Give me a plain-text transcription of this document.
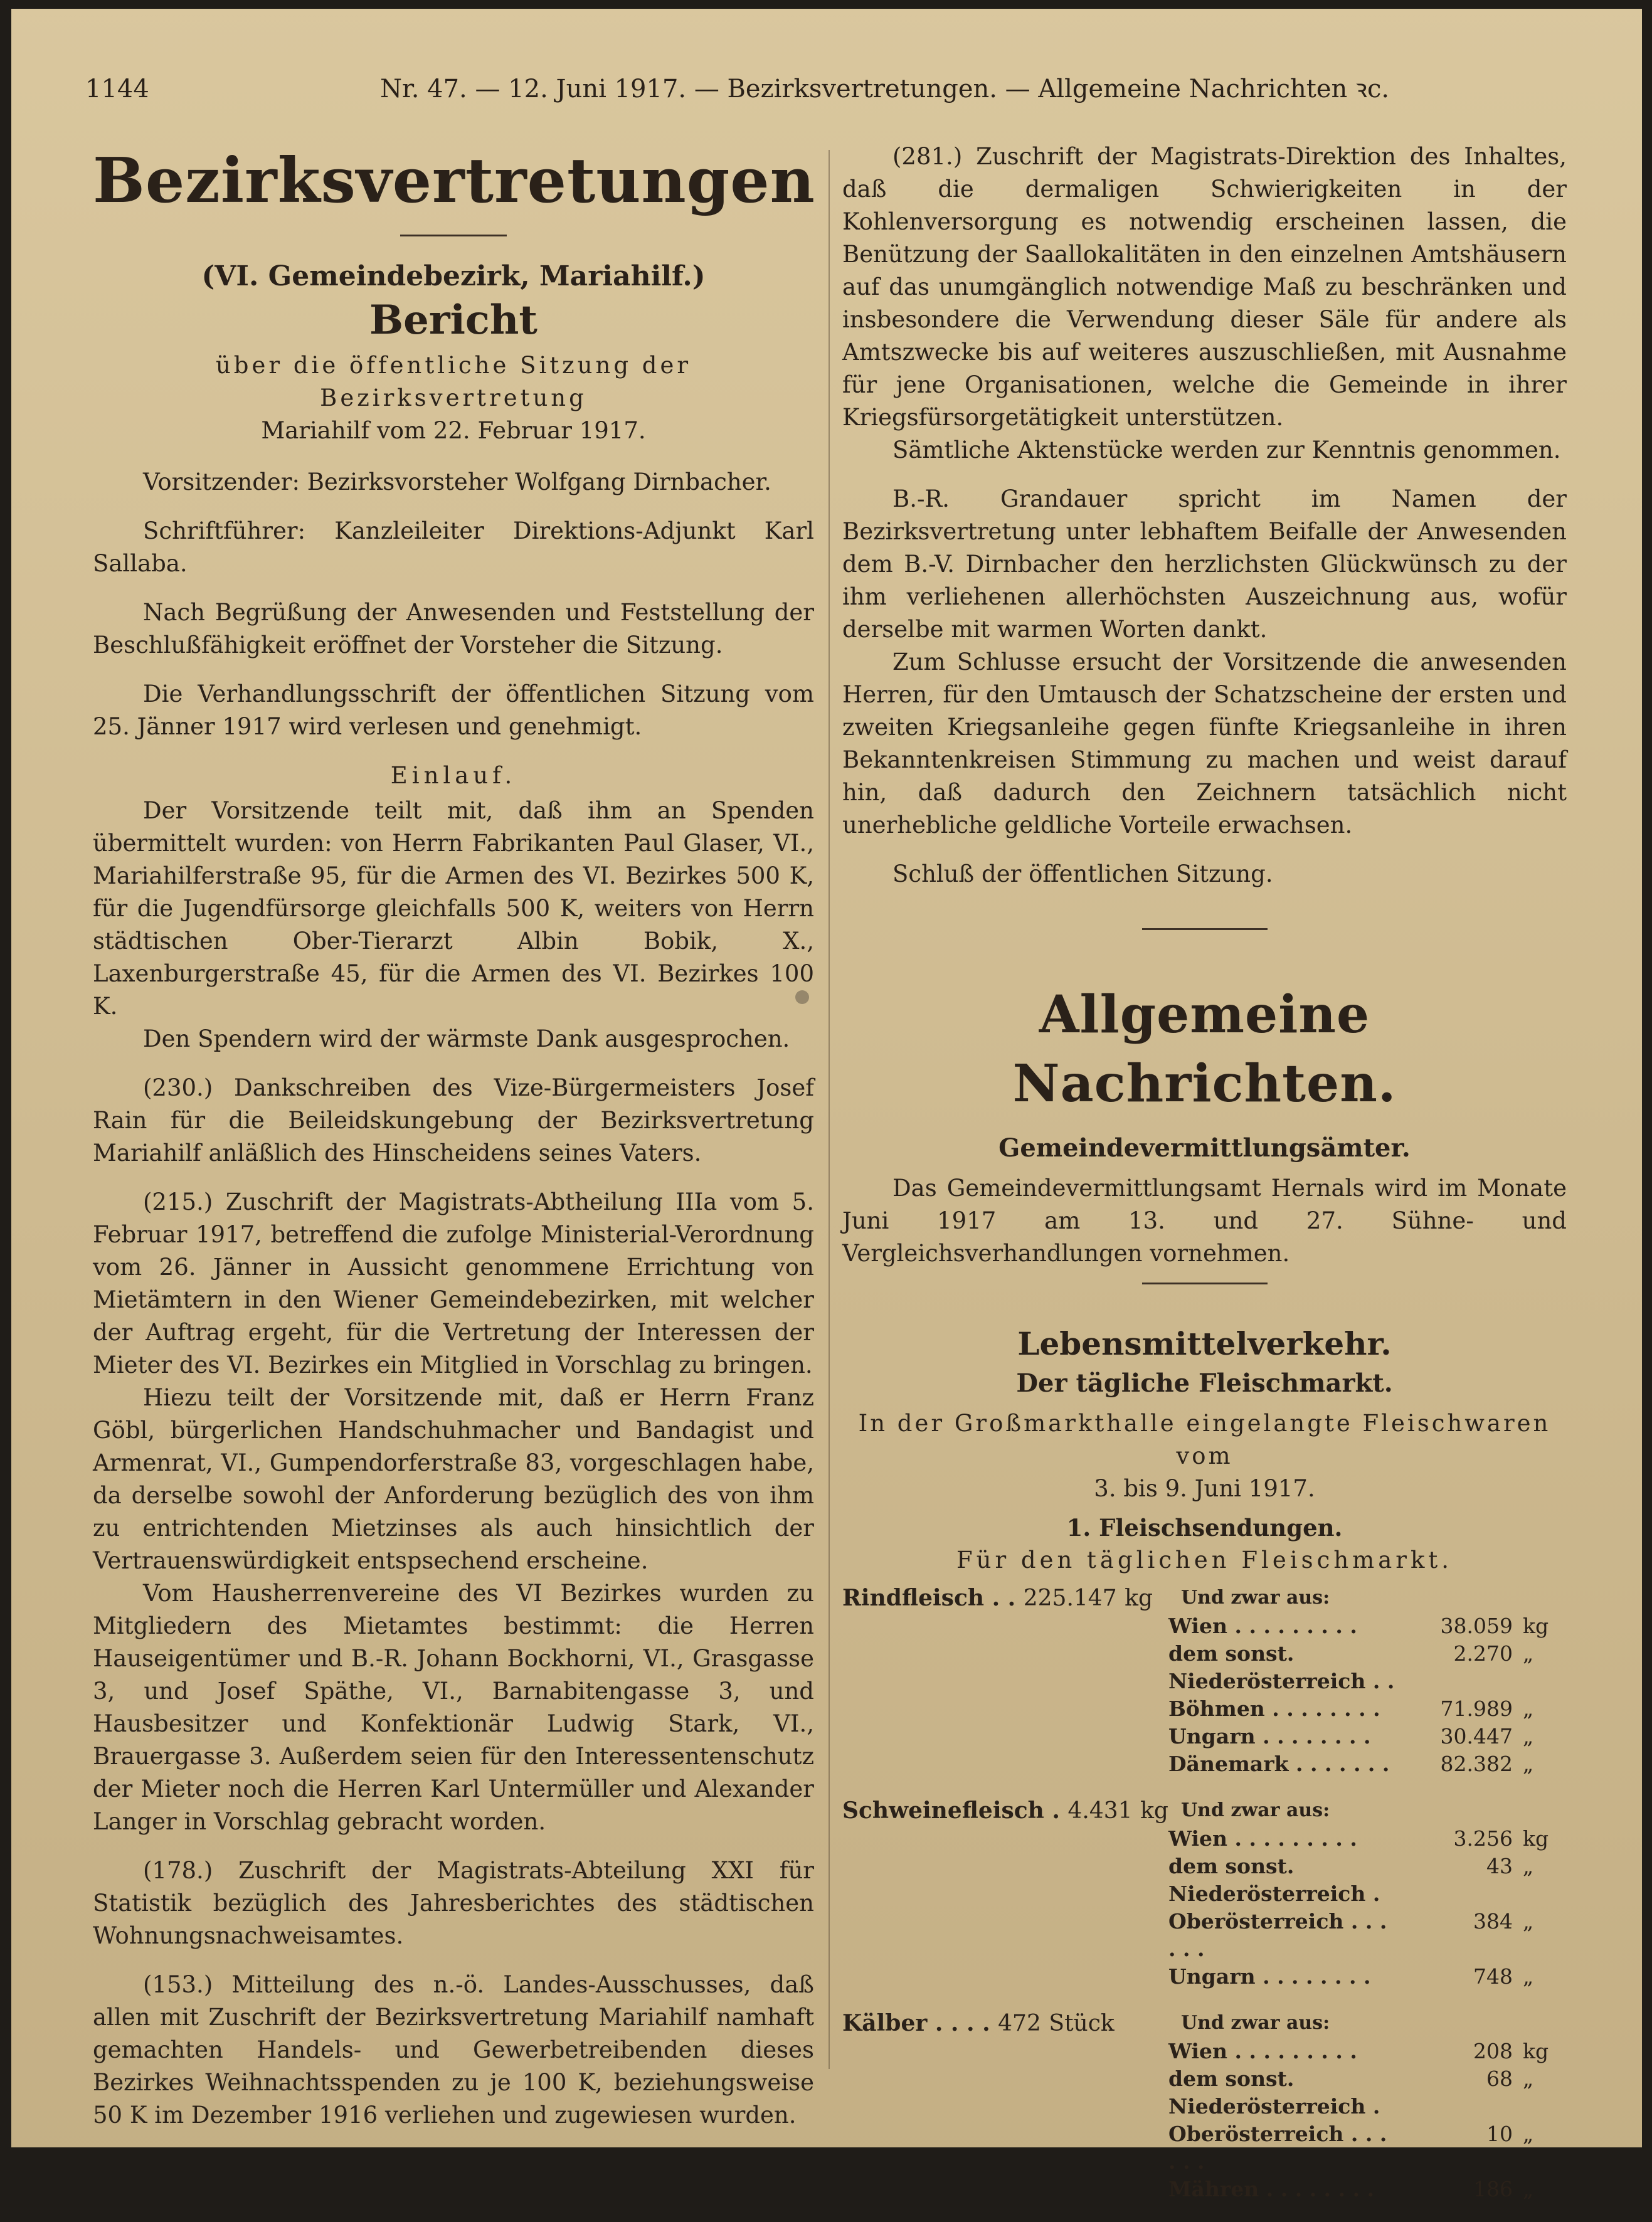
1144	Nr. 47. — 12. Juni 1917. — Bezirksvertretungen. — Allgemeine Nachrichten ꝛc.
Bezirksvertretungen

(VI. Gemeindebezirk, Mariahilf.)

Bericht

über die öffentliche Sitzung der Bezirksvertretung

Mariahilf vom 22. Februar 1917.

Vorsitzender: Bezirksvorsteher Wolfgang Dirnbacher.

Schriftführer: Kanzleileiter Direktions-Adjunkt Karl Sallaba.

Nach Begrüßung der Anwesenden und Feststellung der Beschlußfähigkeit eröffnet der Vorsteher die Sitzung.

Die Verhandlungsschrift der öffentlichen Sitzung vom 25. Jänner 1917 wird verlesen und genehmigt.

Einlauf.

Der Vorsitzende teilt mit, daß ihm an Spenden übermittelt wurden: von Herrn Fabrikanten Paul Glaser, VI., Mariahilferstraße 95, für die Armen des VI. Bezirkes 500 K, für die Jugendfürsorge gleichfalls 500 K, weiters von Herrn städtischen Ober-Tierarzt Albin Bobik, X., Laxenburgerstraße 45, für die Armen des VI. Bezirkes 100 K.

Den Spendern wird der wärmste Dank ausgesprochen.

(230.) Dankschreiben des Vize-Bürgermeisters Josef Rain für die Beileidskungebung der Bezirksvertretung Mariahilf anläßlich des Hinscheidens seines Vaters.

(215.) Zuschrift der Magistrats-Abtheilung IIIa vom 5. Februar 1917, betreffend die zufolge Ministerial-Verordnung vom 26. Jänner in Aussicht genommene Errichtung von Mietämtern in den Wiener Gemeindebezirken, mit welcher der Auftrag ergeht, für die Vertretung der Interessen der Mieter des VI. Bezirkes ein Mitglied in Vorschlag zu bringen.

Hiezu teilt der Vorsitzende mit, daß er Herrn Franz Göbl, bürgerlichen Handschuhmacher und Bandagist und Armenrat, VI., Gumpendorferstraße 83, vorgeschlagen habe, da derselbe sowohl der Anforderung bezüglich des von ihm zu entrichtenden Mietzinses als auch hinsichtlich der Vertrauenswürdigkeit entspsechend erscheine.

Vom Hausherrenvereine des VI Bezirkes wurden zu Mitgliedern des Mietamtes bestimmt: die Herren Hauseigentümer und B.-R. Johann Bockhorni, VI., Grasgasse 3, und Josef Späthe, VI., Barnabitengasse 3, und Hausbesitzer und Konfektionär Ludwig Stark, VI., Brauergasse 3. Außerdem seien für den Interessentenschutz der Mieter noch die Herren Karl Untermüller und Alexander Langer in Vorschlag gebracht worden.

(178.) Zuschrift der Magistrats-Abteilung XXI für Statistik bezüglich des Jahresberichtes des städtischen Wohnungsnachweisamtes.

(153.) Mitteilung des n.-ö. Landes-Ausschusses, daß allen mit Zuschrift der Bezirksvertretung Mariahilf namhaft gemachten Handels- und Gewerbetreibenden dieses Bezirkes Weihnachtsspenden zu je 100 K, beziehungsweise 50 K im Dezember 1916 verliehen und zugewiesen wurden.

(281.) Zuschrift der Magistrats-Direktion des Inhaltes, daß die dermaligen Schwierigkeiten in der Kohlenversorgung es notwendig erscheinen lassen, die Benützung der Saallokalitäten in den einzelnen Amtshäusern auf das unumgänglich notwendige Maß zu beschränken und insbesondere die Verwendung dieser Säle für andere als Amtszwecke bis auf weiteres auszuschließen, mit Ausnahme für jene Organisationen, welche die Gemeinde in ihrer Kriegsfürsorgetätigkeit unterstützen.

Sämtliche Aktenstücke werden zur Kenntnis genommen.

B.-R. Grandauer spricht im Namen der Bezirksvertretung unter lebhaftem Beifalle der Anwesenden dem B.-V. Dirnbacher den herzlichsten Glückwünsch zu der ihm verliehenen allerhöchsten Auszeichnung aus, wofür derselbe mit warmen Worten dankt.

Zum Schlusse ersucht der Vorsitzende die anwesenden Herren, für den Umtausch der Schatzscheine der ersten und zweiten Kriegsanleihe gegen fünfte Kriegsanleihe in ihren Bekanntenkreisen Stimmung zu machen und weist darauf hin, daß dadurch den Zeichnern tatsächlich nicht unerhebliche geldliche Vorteile erwachsen.

Schluß der öffentlichen Sitzung.

Allgemeine Nachrichten.

Gemeindevermittlungsämter.

Das Gemeindevermittlungsamt Hernals wird im Monate Juni 1917 am 13. und 27. Sühne- und Vergleichsverhandlungen vornehmen.

Lebensmittelverkehr.

Der tägliche Fleischmarkt.

In der Großmarkthalle eingelangte Fleischwaren vom

3. bis 9. Juni 1917.

1. Fleischsendungen.

Für den täglichen Fleischmarkt.

Rindfleisch . . 225.147 kg	Und zwar aus:		
	Wien . . . . . . . . .	38.059	kg
	dem sonst. Niederösterreich . .	2.270	„
	Böhmen . . . . . . . .	71.989	„
	Ungarn . . . . . . . .	30.447	„
	Dänemark . . . . . . .	82.382	„
Schweinefleisch . 4.431 kg	Und zwar aus:		
	Wien . . . . . . . . .	3.256	kg
	dem sonst. Niederösterreich .	43	„
	Oberösterreich . . . . . .	384	„
	Ungarn . . . . . . . .	748	„
Kälber . . . . 472 Stück	Und zwar aus:		
	Wien . . . . . . . . .	208	kg
	dem sonst. Niederösterreich .	68	„
	Oberösterreich . . . . . .	10	„
	Mähren . . . . . . . .	186	„
